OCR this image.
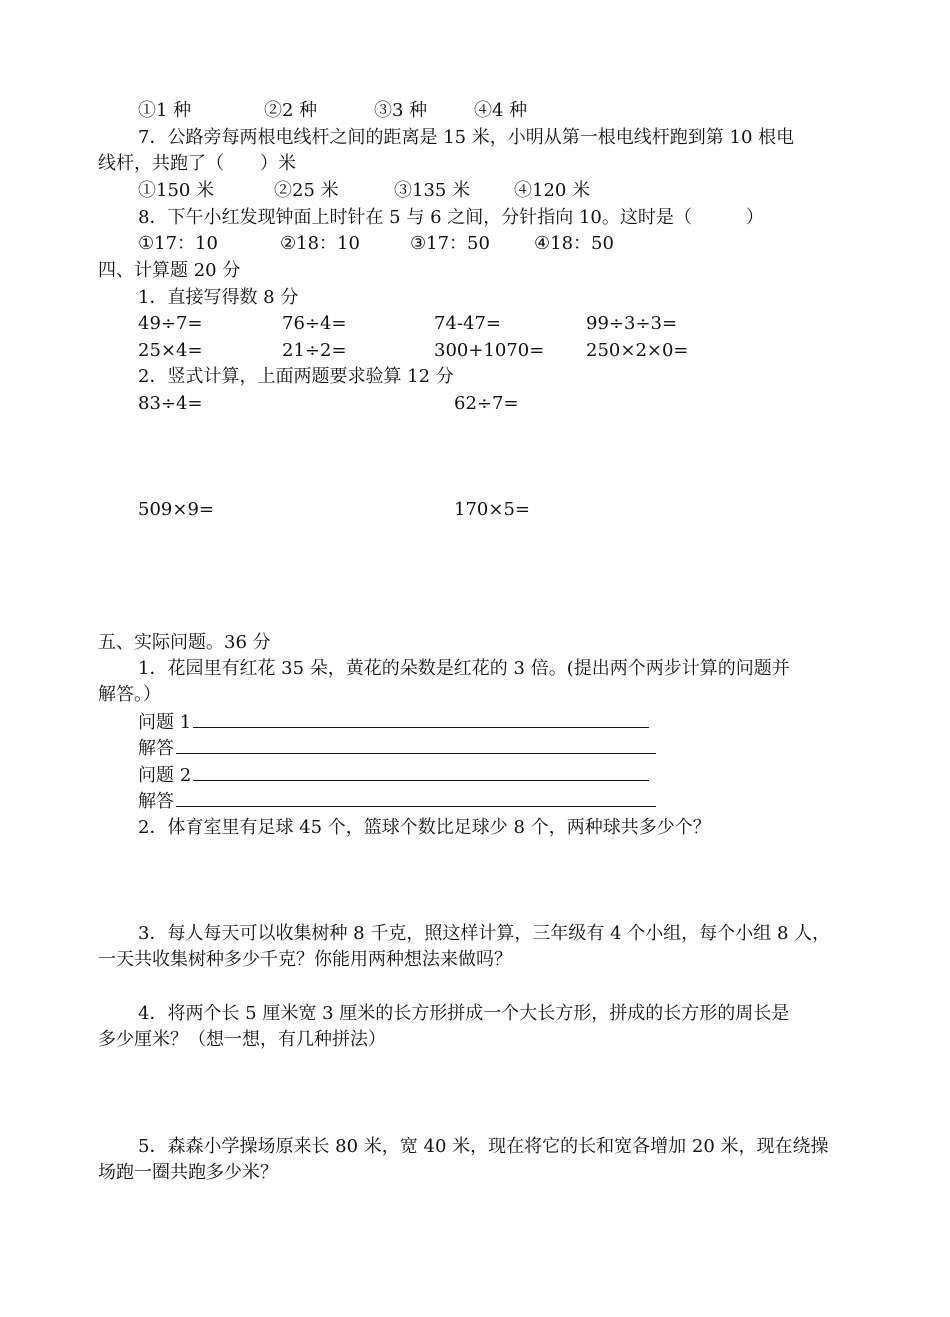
①1 种	②2 种	③3 种	④4 种
7．公路旁每两根电线杆之间的距离是 15 米，小明从第一根电线杆跑到第 10 根电
线杆，共跑了（　　）米
①150 米	②25 米	③135 米 ④120 米
8．下午小红发现钟面上时针在 5 与 6 之间，分针指向 10。这时是（　　　）
①17：10	②18：10	③17：50 ④18：50
四、计算题 20 分
1．直接写得数 8 分
49÷7=	76÷4=	74-47=	99÷3÷3=
25×4=	21÷2=	300+1070= 250×2×0=
2．竖式计算，上面两题要求验算 12 分
83÷4=	62÷7=
509×9=	170×5=
五、实际问题。36 分
1．花园里有红花 35 朵，黄花的朵数是红花的 3 倍。(提出两个两步计算的问题并
解答。）
问题 1
解答
问题 2
解答
2．体育室里有足球 45 个，篮球个数比足球少 8 个，两种球共多少个？
3．每人每天可以收集树种 8 千克，照这样计算，三年级有 4 个小组，每个小组 8 人，
一天共收集树种多少千克？你能用两种想法来做吗？
4．将两个长 5 厘米宽 3 厘米的长方形拼成一个大长方形，拼成的长方形的周长是
多少厘米？（想一想，有几种拼法）
5．森森小学操场原来长 80 米，宽 40 米，现在将它的长和宽各增加 20 米，现在绕操
场跑一圈共跑多少米？
